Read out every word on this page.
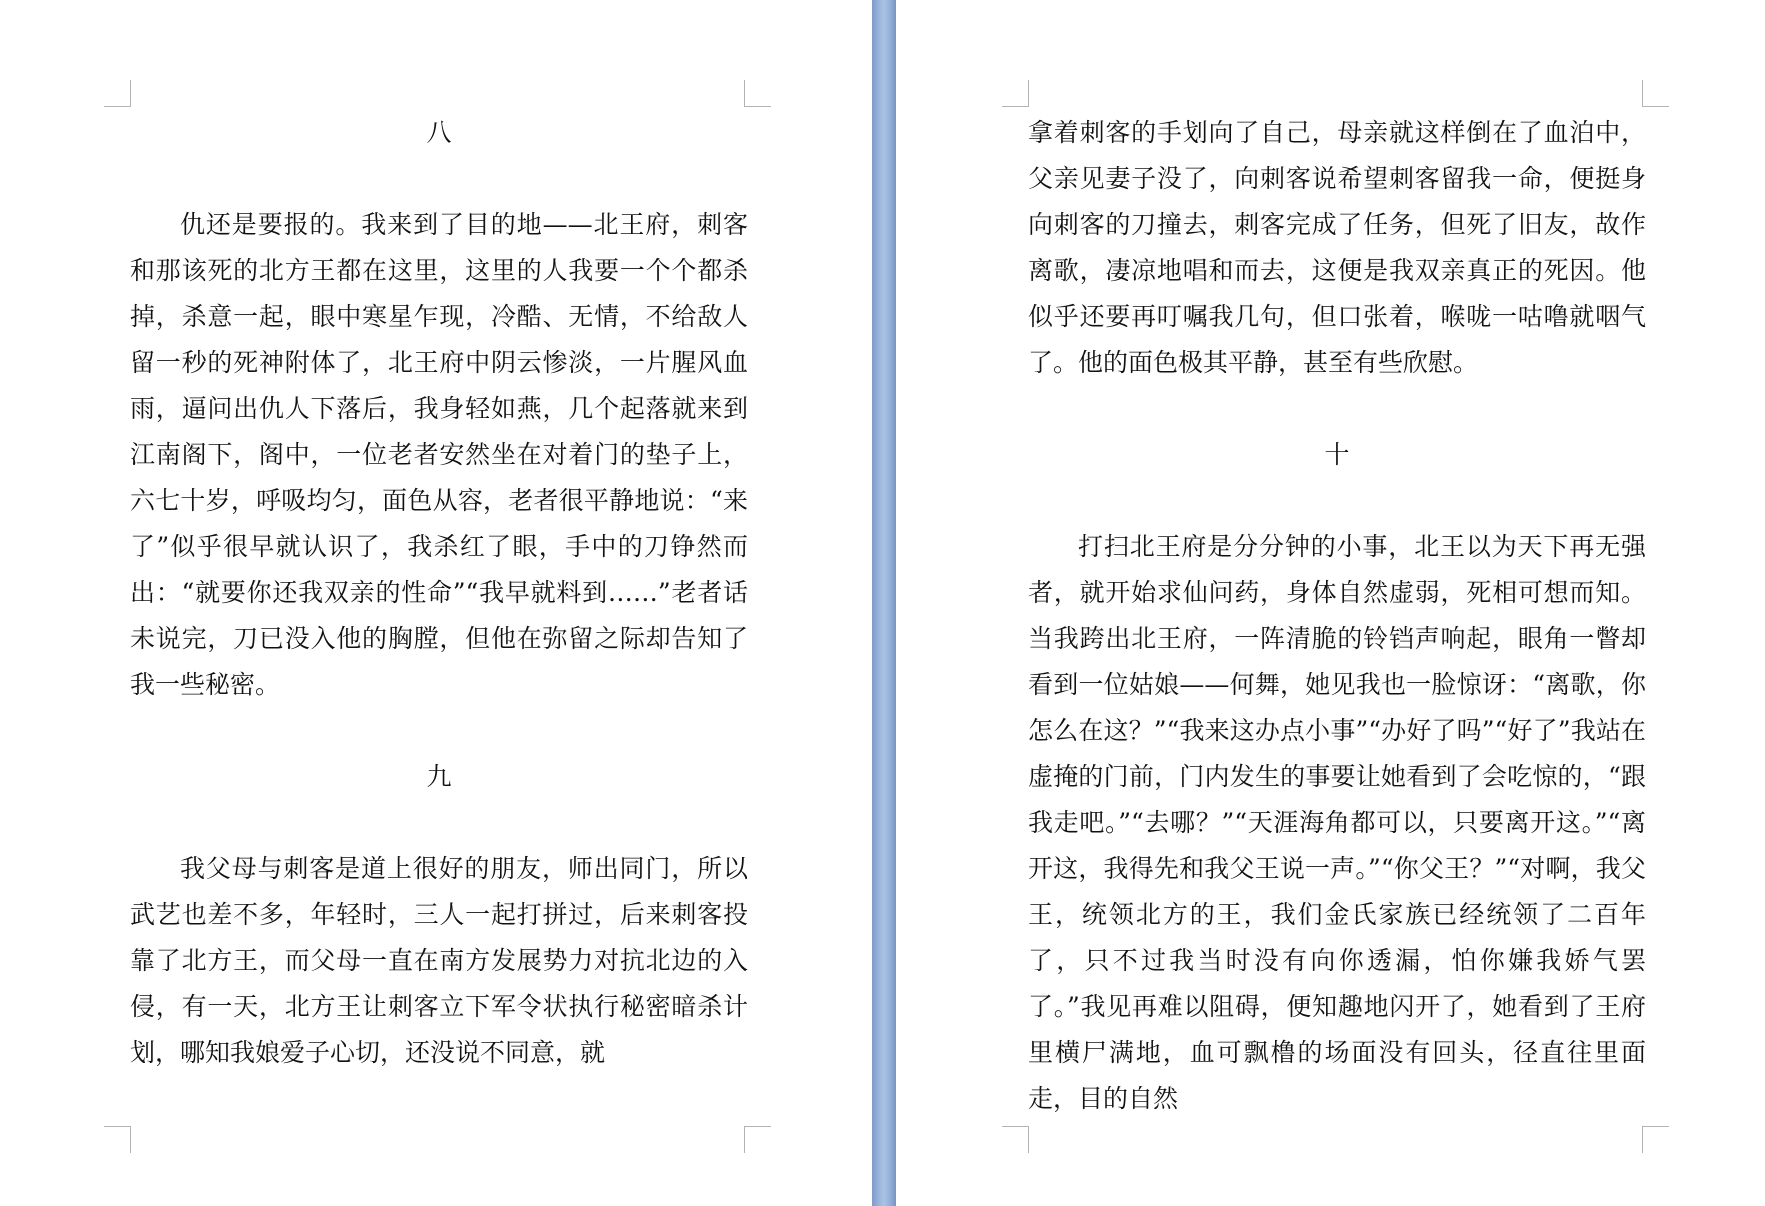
八

仇还是要报的。我来到了目的地——北王府，刺客和那该死的北方王都在这里，这里的人我要一个个都杀掉，杀意一起，眼中寒星乍现，冷酷、无情，不给敌人留一秒的死神附体了，北王府中阴云惨淡，一片腥风血雨，逼问出仇人下落后，我身轻如燕，几个起落就来到江南阁下，阁中，一位老者安然坐在对着门的垫子上，六七十岁，呼吸均匀，面色从容，老者很平静地说：“来了”似乎很早就认识了，我杀红了眼，手中的刀铮然而出：“就要你还我双亲的性命”“我早就料到……”老者话未说完，刀已没入他的胸膛，但他在弥留之际却告知了我一些秘密。

九

我父母与刺客是道上很好的朋友，师出同门，所以武艺也差不多，年轻时，三人一起打拼过，后来刺客投靠了北方王，而父母一直在南方发展势力对抗北边的入侵，有一天，北方王让刺客立下军令状执行秘密暗杀计划，哪知我娘爱子心切，还没说不同意，就

拿着刺客的手划向了自己，母亲就这样倒在了血泊中，父亲见妻子没了，向刺客说希望刺客留我一命，便挺身向刺客的刀撞去，刺客完成了任务，但死了旧友，故作离歌，凄凉地唱和而去，这便是我双亲真正的死因。他似乎还要再叮嘱我几句，但口张着，喉咙一咕噜就咽气了。他的面色极其平静，甚至有些欣慰。

十

打扫北王府是分分钟的小事，北王以为天下再无强者，就开始求仙问药，身体自然虚弱，死相可想而知。当我跨出北王府，一阵清脆的铃铛声响起，眼角一瞥却看到一位姑娘——何舞，她见我也一脸惊讶：“离歌，你怎么在这？”“我来这办点小事”“办好了吗”“好了”我站在虚掩的门前，门内发生的事要让她看到了会吃惊的，“跟我走吧。”“去哪？”“天涯海角都可以，只要离开这。”“离开这，我得先和我父王说一声。”“你父王？”“对啊，我父王，统领北方的王，我们金氏家族已经统领了二百年了，只不过我当时没有向你透漏，怕你嫌我娇气罢了。”我见再难以阻碍，便知趣地闪开了，她看到了王府里横尸满地，血可飘橹的场面没有回头，径直往里面走，目的自然
